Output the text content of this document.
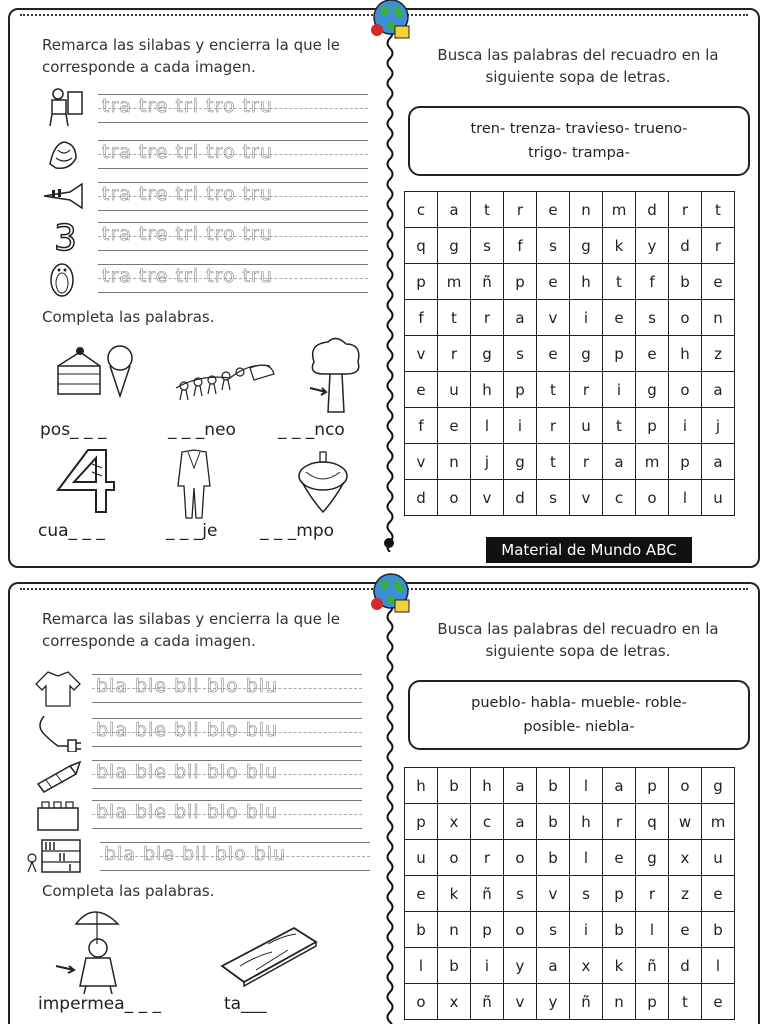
Remarca las silabas y encierra la que le corresponde a cada imagen.
tra tre tri tro tru
tra tre tri tro tru
tra tre tri tro tru
3 tra tre tri tro tru
tra tre tri tro tru
Completa las palabras.
pos_ _ _	_ _ _neo _ _ _nco
cua_ _ _	_ _ _je	_ _ _mpo
Busca las palabras del recuadro en la siguiente sopa de letras.
tren- trenza- travieso- trueno-
trigo- trampa-
c	a	t	r	e	n	m	d	r	t
q	g	s	f	s	g	k	y	d	r
p	m	ñ	p	e	h	t	f	b	e
f	t	r	a	v	i	e	s	o	n
v	r	g	s	e	g	p	e	h	z
e	u	h	p	t	r	i	g	o	a
f	e	l	i	r	u	t	p	i	j
v	n	j	g	t	r	a	m	p	a
d	o	v	d	s	v	c	o	l	u
Material de Mundo ABC
Remarca las silabas y encierra la que le corresponde a cada imagen.
bla ble bli blo blu
bla ble bli blo blu
bla ble bli blo blu
bla ble bli blo blu
bla ble bli blo blu
Completa las palabras.
impermea_ _ _	ta___
Busca las palabras del recuadro en la siguiente sopa de letras.
pueblo- habla- mueble- roble-
posible- niebla-
h	b	h	a	b	l	a	p	o	g
p	x	c	a	b	h	r	q	w	m
u	o	r	o	b	l	e	g	x	u
e	k	ñ	s	v	s	p	r	z	e
b	n	p	o	s	i	b	l	e	b
l	b	i	y	a	x	k	ñ	d	l
o	x	ñ	v	y	ñ	n	p	t	e
